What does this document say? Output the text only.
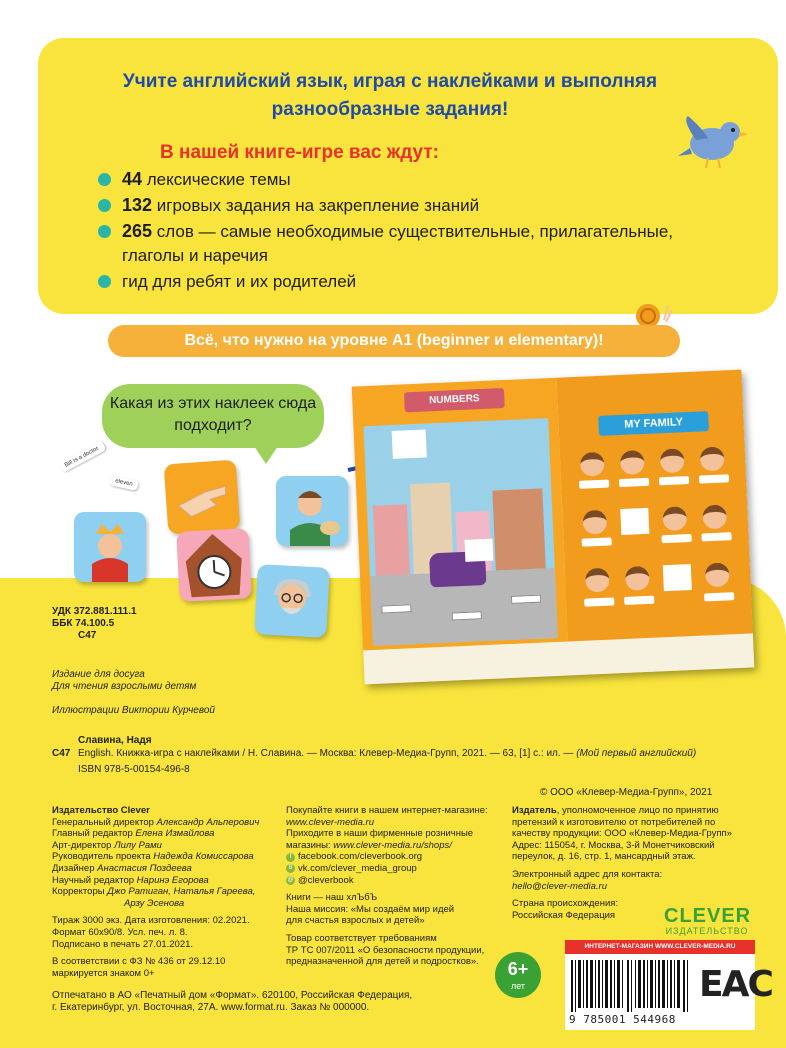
Учите английский язык, играя с наклейками и выполняя разнообразные задания!
В нашей книге-игре вас ждут:
44 лексические темы
132 игровых задания на закрепление знаний
265 слов — самые необходимые существительные, прилагательные, глаголы и наречия
гид для ребят и их родителей
Всё, что нужно на уровне А1 (beginner и elementary)!
Какая из этих наклеек сюда подходит?
Bill is a doctor.
eleven
NUMBERS
MY FAMILY
УДК 372.881.111.1
ББК 74.100.5
С47
Издание для досуга
Для чтения взрослыми детям
Иллюстрации Виктории Курчевой
Славина, Надя
С47 English. Книжка-игра с наклейками / Н. Славина. — Москва: Клевер-Медиа-Групп, 2021. — 63, [1] с.: ил. — (Мой первый английский)
ISBN 978-5-00154-496-8
© ООО «Клевер-Медиа-Групп», 2021

Издательство Clever

Генеральный директор Александр Альперович

Главный редактор Елена Измайлова

Арт-директор Лилу Рами

Руководитель проекта Надежда Комиссарова

Дизайнер Анастасия Поздеева

Научный редактор Наринэ Егорова

Корректоры Джо Ратиган, Наталья Гареева,

Арзу Эсенова

Тираж 3000 экз. Дата изготовления: 02.2021.

Формат 60х90/8. Усл. печ. л. 8.

Подписано в печать 27.01.2021.

В соответствии с ФЗ № 436 от 29.12.10

маркируется знаком 0+

Покупайте книги в нашем интернет-магазине:

www.clever-media.ru

Приходите в наши фирменные розничные

магазины: www.clever-media.ru/shops/

f facebook.com/cleverbook.org
B vk.com/clever_media_group
@ @cleverbook

Книги — наш хлЪбЪ

Наша миссия: «Мы создаём мир идей

для счастья взрослых и детей»

Товар соответствует требованиям

ТР ТС 007/2011 «О безопасности продукции,

предназначенной для детей и подростков».

Издатель, уполномоченное лицо по принятию

претензий к изготовителю от потребителей по

качеству продукции: ООО «Клевер-Медиа-Групп»

Адрес: 115054, г. Москва, 3-й Монетчиковский

переулок, д. 16, стр. 1, мансардный этаж.

Электронный адрес для контакта:

hello@clever-media.ru

Страна происхождения:

Российская Федерация	CLEVER
ИЗДАТЕЛЬСТВО
6+
лет
ИНТЕРНЕТ-МАГАЗИН WWW.CLEVER-MEDIA.RU
9 785001 544968
EAC
Отпечатано в АО «Печатный дом «Формат». 620100, Российская Федерация,
г. Екатеринбург, ул. Восточная, 27А. www.format.ru. Заказ № 000000.
